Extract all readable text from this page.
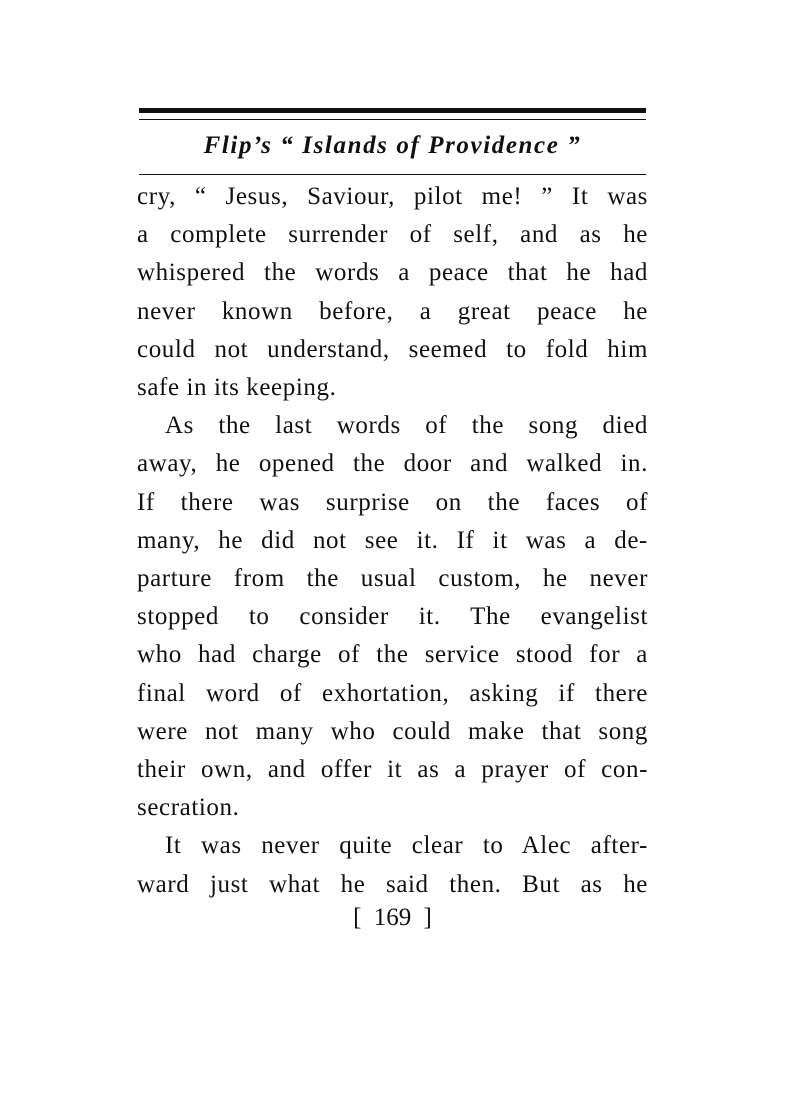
Flip’s “ Islands of Providence ”

cry, “ Jesus, Saviour, pilot me! ” It was

a complete surrender of self, and as he

whispered the words a peace that he had

never known before, a great peace he

could not understand, seemed to fold him

safe in its keeping.

As the last words of the song died

away, he opened the door and walked in.

If there was surprise on the faces of

many, he did not see it. If it was a de-

parture from the usual custom, he never

stopped to consider it. The evangelist

who had charge of the service stood for a

final word of exhortation, asking if there

were not many who could make that song

their own, and offer it as a prayer of con-

secration.

It was never quite clear to Alec after-

ward just what he said then. But as he

[ 169 ]
